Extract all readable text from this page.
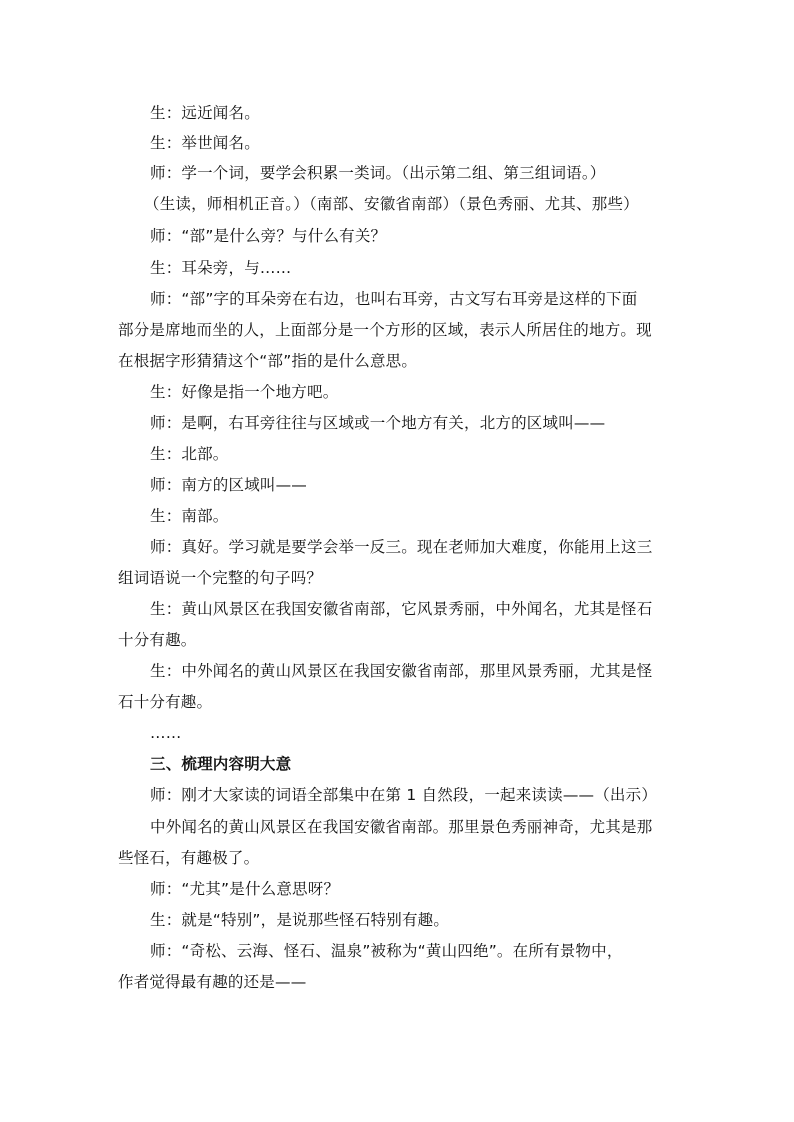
生：远近闻名。
生：举世闻名。
师：学一个词，要学会积累一类词。（出示第二组、第三组词语。）
（生读，师相机正音。）（南部、安徽省南部）（景色秀丽、尤其、那些）
师：“部”是什么旁？与什么有关？
生：耳朵旁，与……
师：“部”字的耳朵旁在右边，也叫右耳旁，古文写右耳旁是这样的下面
部分是席地而坐的人，上面部分是一个方形的区域，表示人所居住的地方。现
在根据字形猜猜这个“部”指的是什么意思。
生：好像是指一个地方吧。
师：是啊，右耳旁往往与区域或一个地方有关，北方的区域叫——
生：北部。
师：南方的区域叫——
生：南部。
师：真好。学习就是要学会举一反三。现在老师加大难度，你能用上这三
组词语说一个完整的句子吗？
生：黄山风景区在我国安徽省南部，它风景秀丽，中外闻名，尤其是怪石
十分有趣。
生：中外闻名的黄山风景区在我国安徽省南部，那里风景秀丽，尤其是怪
石十分有趣。
……
三、梳理内容明大意
师：刚才大家读的词语全部集中在第 1 自然段，一起来读读——（出示）
中外闻名的黄山风景区在我国安徽省南部。那里景色秀丽神奇，尤其是那
些怪石，有趣极了。
师：“尤其”是什么意思呀？
生：就是“特别”，是说那些怪石特别有趣。
师：“奇松、云海、怪石、温泉”被称为“黄山四绝”。在所有景物中，
作者觉得最有趣的还是——
